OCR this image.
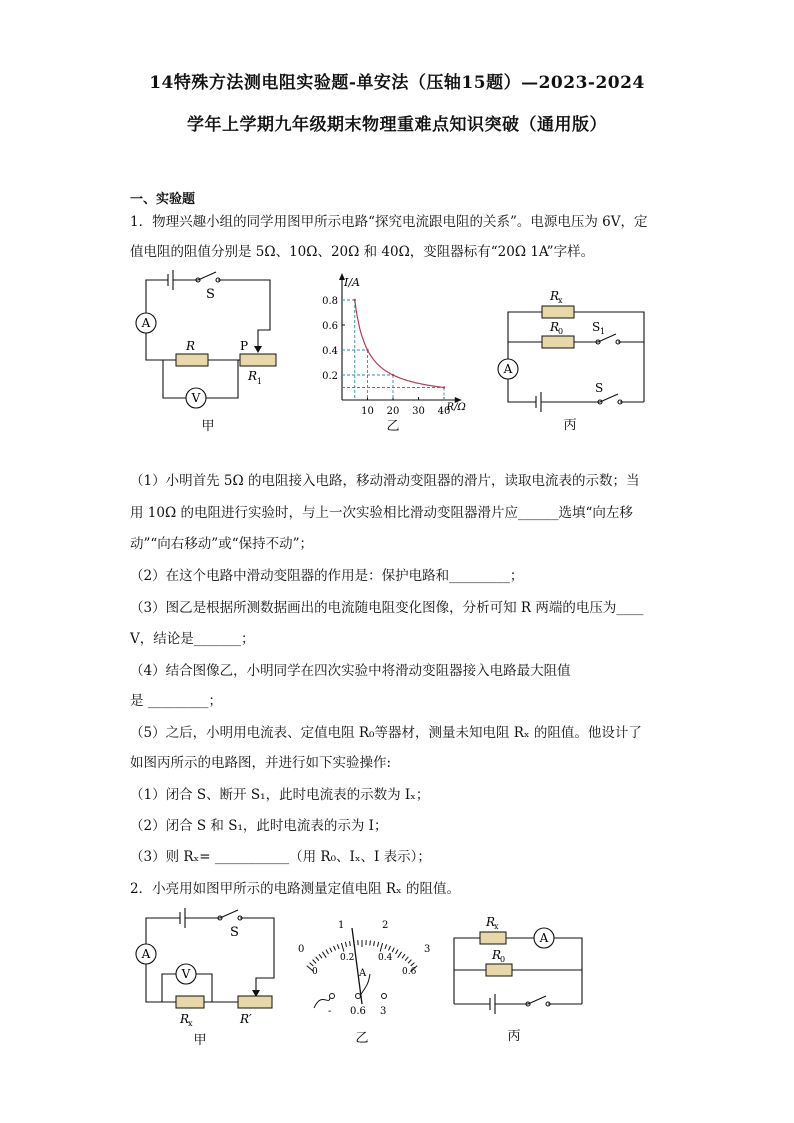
14特殊方法测电阻实验题-单安法（压轴15题）—2023-2024
学年上学期九年级期末物理重难点知识突破（通用版）
一、实验题
1．物理兴趣小组的同学用图甲所示电路“探究电流跟电阻的关系”。电源电压为 6V，定
值电阻的阻值分别是 5Ω、10Ω、20Ω 和 40Ω，变阻器标有“20Ω 1A”字样。
A
V
S
R	P
R 1
甲
I/A
R/Ω
0.8
0.6
0.4
0.2
10 20 30 40
乙
A
R
x
R
0 S 1
S
丙
（1）小明首先 5Ω 的电阻接入电路，移动滑动变阻器的滑片，读取电流表的示数；当
用 10Ω 的电阻进行实验时，与上一次实验相比滑动变阻器滑片应______选填“向左移
动”“向右移动”或“保持不动”；
（2）在这个电路中滑动变阻器的作用是：保护电路和_________；
（3）图乙是根据所测数据画出的电流随电阻变化图像，分析可知 R 两端的电压为____
V，结论是_______；
（4）结合图像乙，小明同学在四次实验中将滑动变阻器接入电路最大阻值
是 _________；
（5）之后，小明用电流表、定值电阻 R₀等器材，测量未知电阻 Rₓ 的阻值。他设计了
如图丙所示的电路图，并进行如下实验操作:
（1）闭合 S、断开 S₁，此时电流表的示数为 Iₓ；
（2）闭合 S 和 S₁，此时电流表的示为 I；
（3）则 Rₓ= ___________（用 R₀、Iₓ、I 表示）；
2．小亮用如图甲所示的电路测量定值电阻 Rₓ 的阻值。
A
V
S
R
x	R′
甲
0
1	2
3
0
0.2	0.4
0.6
A
- 0.6 3
乙
A
R
x
R
0
丙
